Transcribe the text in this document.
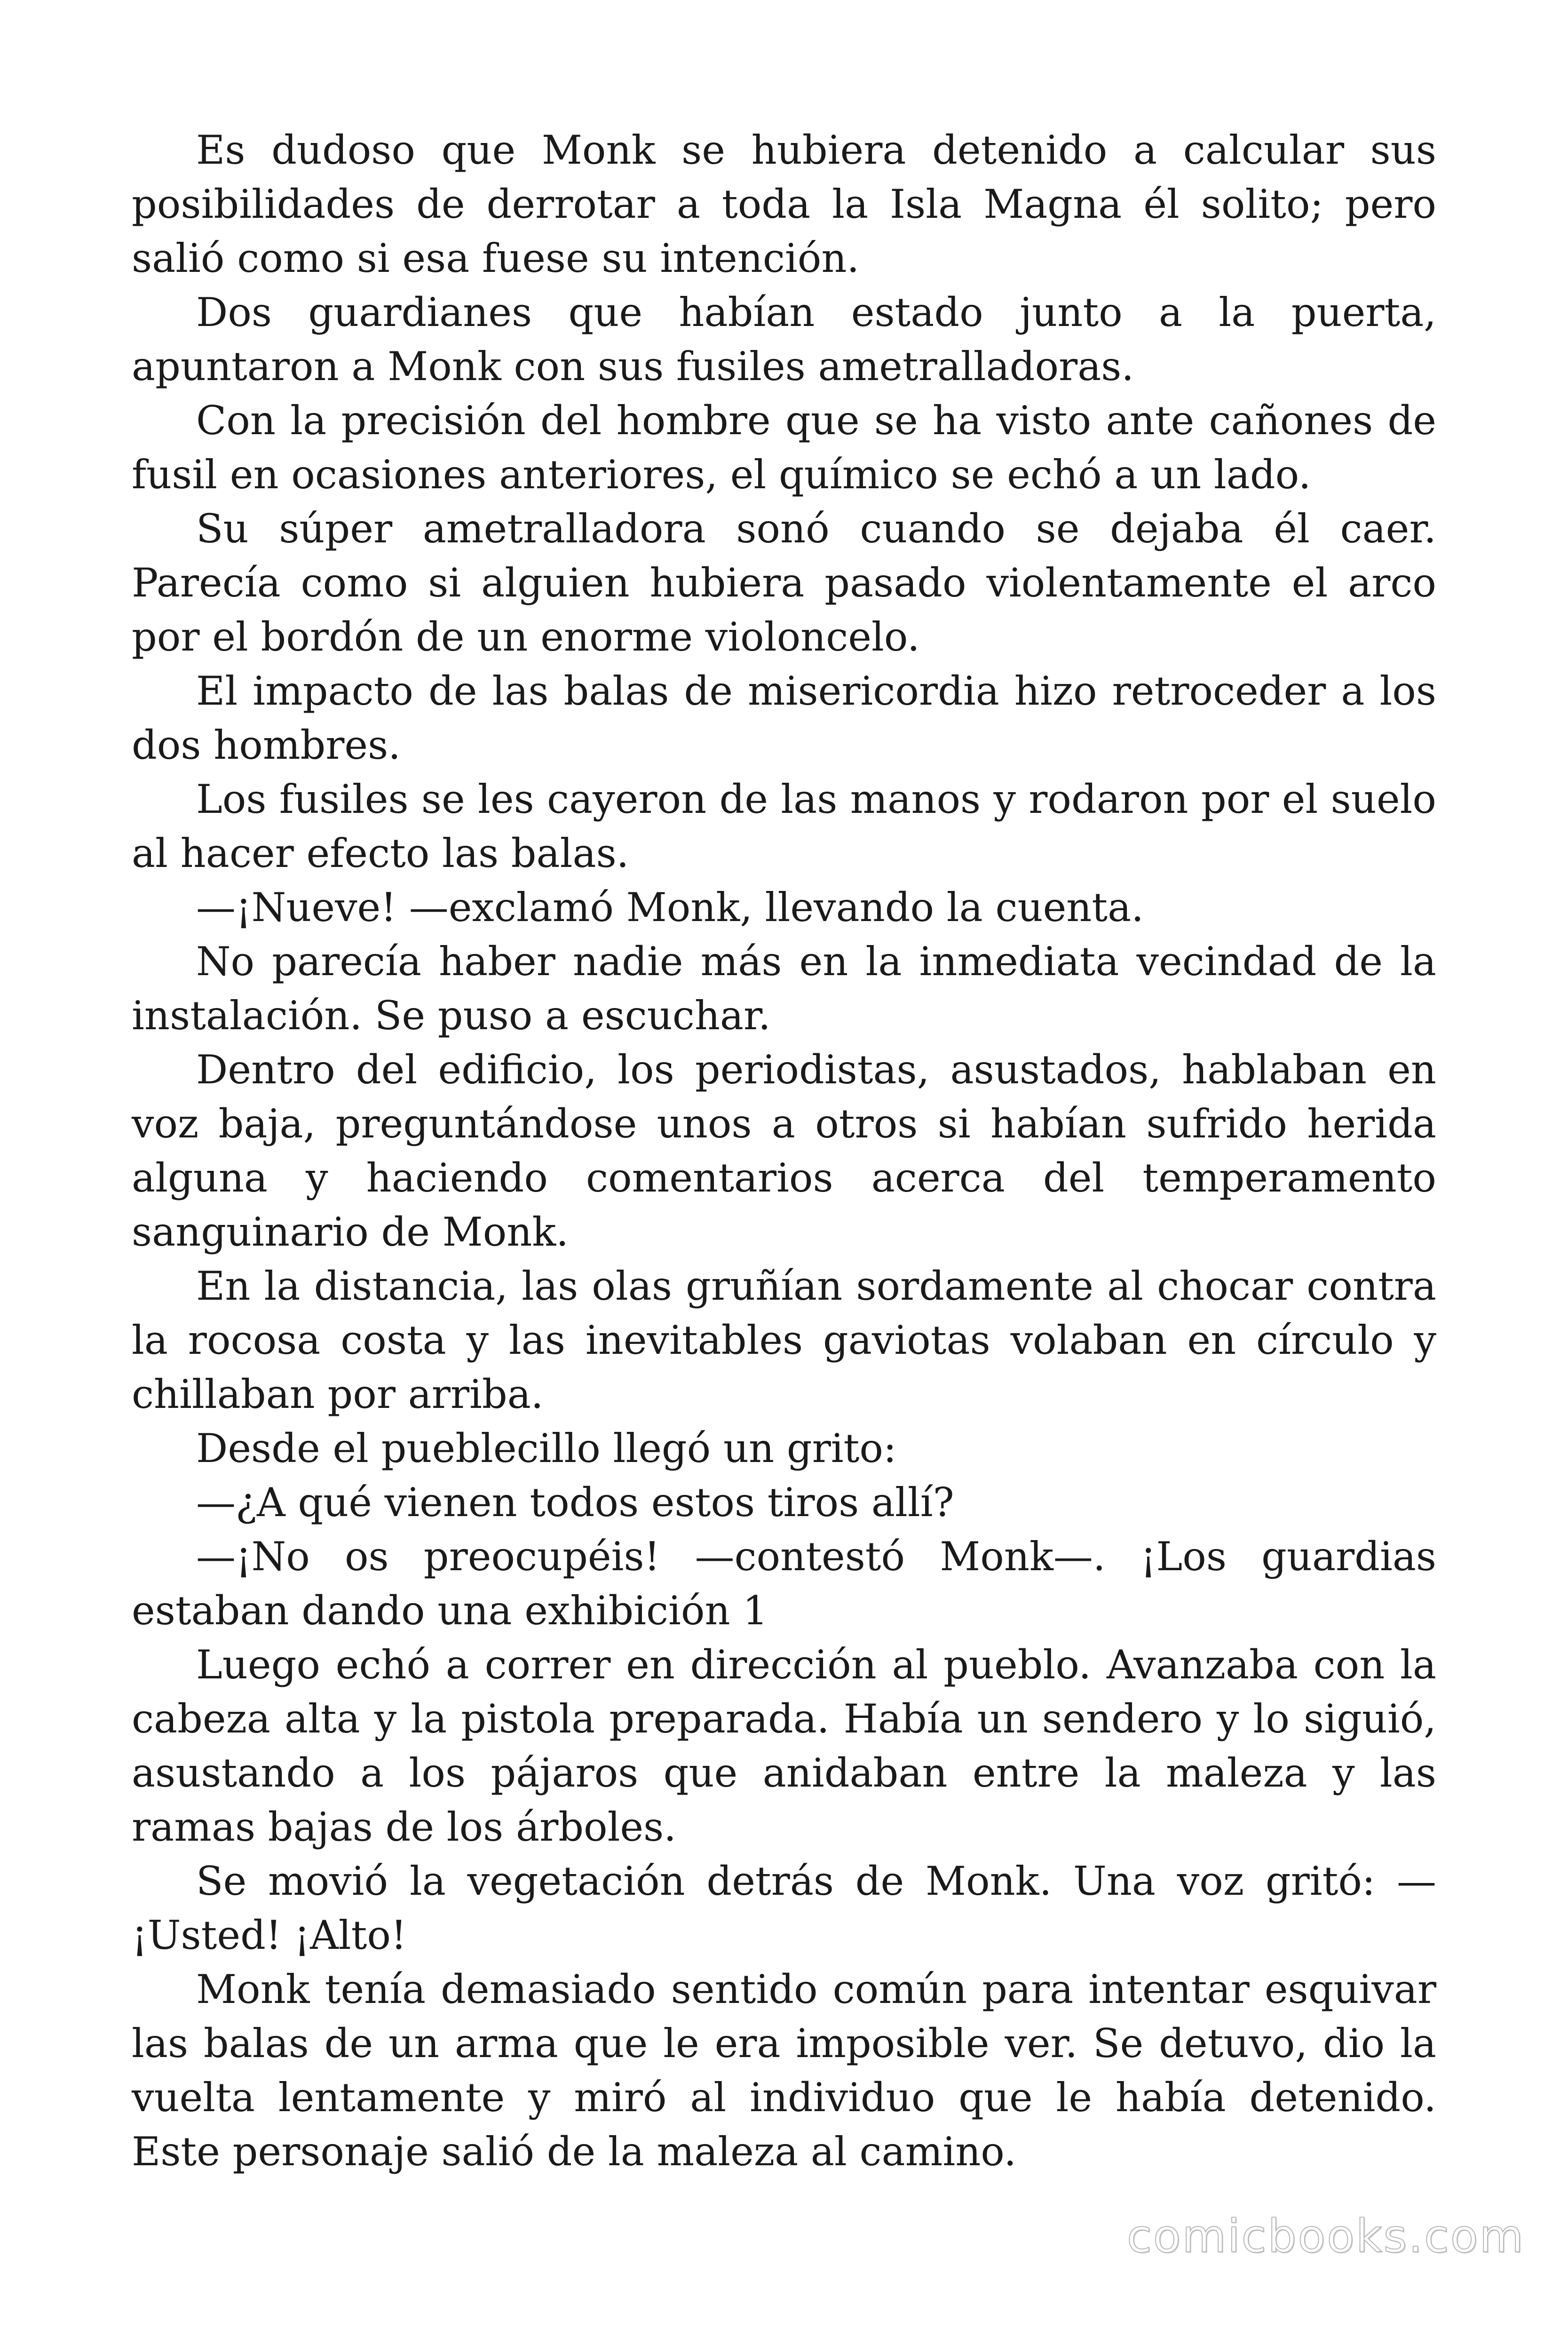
Es dudoso que Monk se hubiera detenido a calcular sus posibilidades de derrotar a toda la Isla Magna él solito; pero salió como si esa fuese su intención.

Dos guardianes que habían estado junto a la puerta, apuntaron a Monk con sus fusiles ametralladoras.

Con la precisión del hombre que se ha visto ante cañones de fusil en ocasiones anteriores, el químico se echó a un lado.

Su súper ametralladora sonó cuando se dejaba él caer. Parecía como si alguien hubiera pasado violentamente el arco por el bordón de un enorme violoncelo.

El impacto de las balas de misericordia hizo retroceder a los dos hombres.

Los fusiles se les cayeron de las manos y rodaron por el suelo al hacer efecto las balas.

—¡Nueve! —exclamó Monk, llevando la cuenta.

No parecía haber nadie más en la inmediata vecindad de la instalación. Se puso a escuchar.

Dentro del edificio, los periodistas, asustados, hablaban en voz baja, preguntándose unos a otros si habían sufrido herida alguna y haciendo comentarios acerca del temperamento sanguinario de Monk.

En la distancia, las olas gruñían sordamente al chocar contra la rocosa costa y las inevitables gaviotas volaban en círculo y chillaban por arriba.

Desde el pueblecillo llegó un grito:

—¿A qué vienen todos estos tiros allí?

—¡No os preocupéis! —contestó Monk—. ¡Los guardias estaban dando una exhibición 1

Luego echó a correr en dirección al pueblo. Avanzaba con la cabeza alta y la pistola preparada. Había un sendero y lo siguió, asustando a los pájaros que anidaban entre la maleza y las ramas bajas de los árboles.

Se movió la vegetación detrás de Monk. Una voz gritó: —¡Usted! ¡Alto!

Monk tenía demasiado sentido común para intentar esquivar las balas de un arma que le era imposible ver. Se detuvo, dio la vuelta lentamente y miró al individuo que le había detenido. Este personaje salió de la maleza al camino.

comicbooks.com
